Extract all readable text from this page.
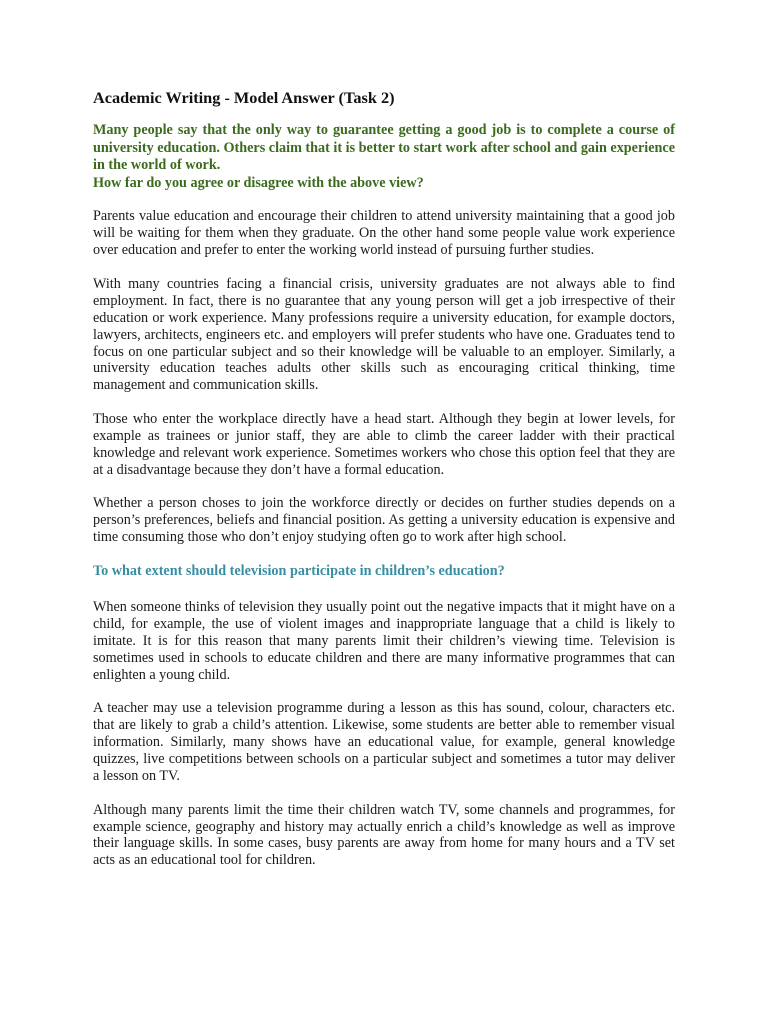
Academic Writing - Model Answer (Task 2)

Many people say that the only way to guarantee getting a good job is to complete a course of university education. Others claim that it is better to start work after school and gain experience in the world of work.
How far do you agree or disagree with the above view?

Parents value education and encourage their children to attend university maintaining that a good job will be waiting for them when they graduate. On the other hand some people value work experience over education and prefer to enter the working world instead of pursuing further studies.

With many countries facing a financial crisis, university graduates are not always able to find employment. In fact, there is no guarantee that any young person will get a job irrespective of their education or work experience. Many professions require a university education, for example doctors, lawyers, architects, engineers etc. and employers will prefer students who have one. Graduates tend to focus on one particular subject and so their knowledge will be valuable to an employer. Similarly, a university education teaches adults other skills such as encouraging critical thinking, time management and communication skills.

Those who enter the workplace directly have a head start. Although they begin at lower levels, for example as trainees or junior staff, they are able to climb the career ladder with their practical knowledge and relevant work experience. Sometimes workers who chose this option feel that they are at a disadvantage because they don’t have a formal education.

Whether a person choses to join the workforce directly or decides on further studies depends on a person’s preferences, beliefs and financial position. As getting a university education is expensive and time consuming those who don’t enjoy studying often go to work after high school.

To what extent should television participate in children’s education?

When someone thinks of television they usually point out the negative impacts that it might have on a child, for example, the use of violent images and inappropriate language that a child is likely to imitate. It is for this reason that many parents limit their children’s viewing time. Television is sometimes used in schools to educate children and there are many informative programmes that can enlighten a young child.

A teacher may use a television programme during a lesson as this has sound, colour, characters etc. that are likely to grab a child’s attention. Likewise, some students are better able to remember visual information. Similarly, many shows have an educational value, for example, general knowledge quizzes, live competitions between schools on a particular subject and sometimes a tutor may deliver a lesson on TV.

Although many parents limit the time their children watch TV, some channels and programmes, for example science, geography and history may actually enrich a child’s knowledge as well as improve their language skills. In some cases, busy parents are away from home for many hours and a TV set acts as an educational tool for children.
